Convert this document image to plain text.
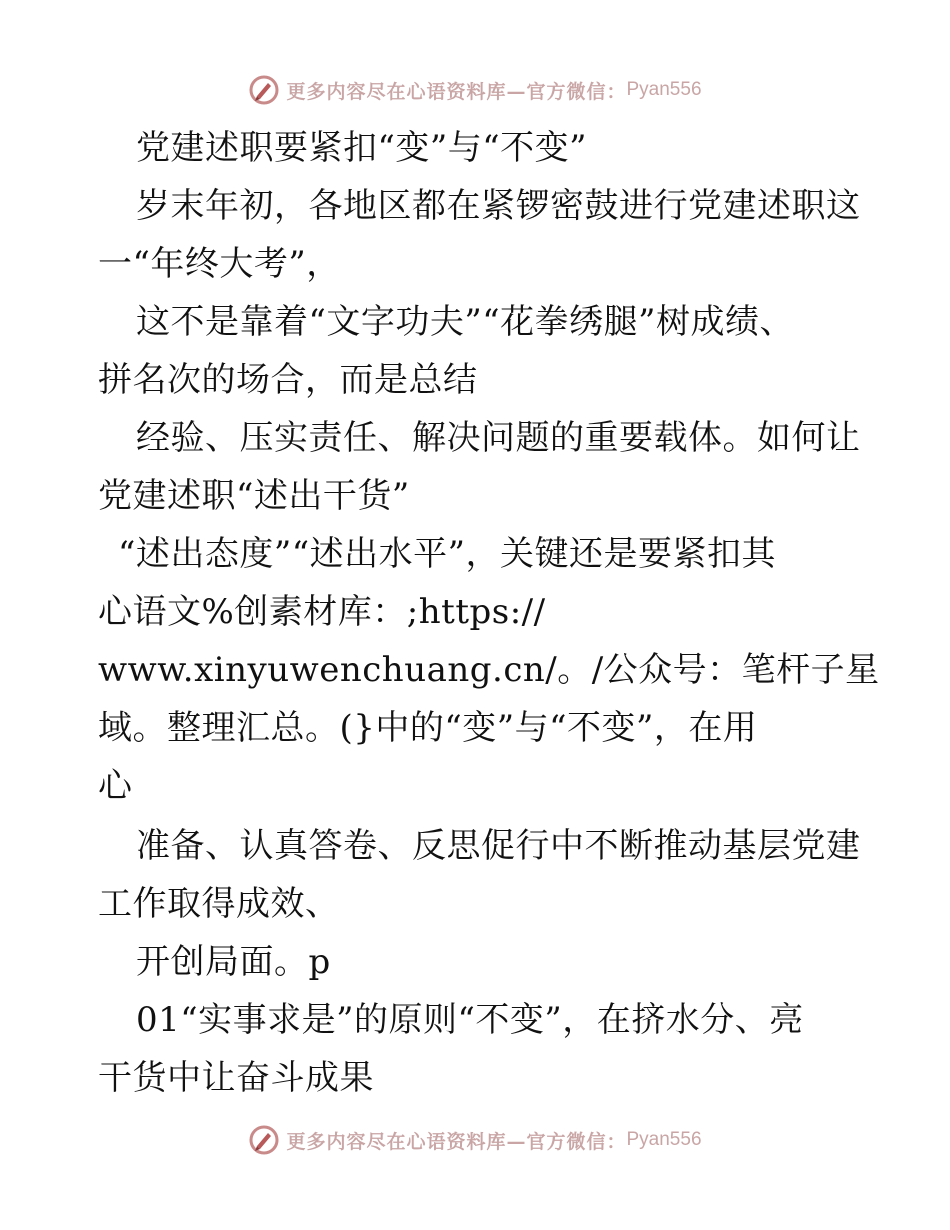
更多内容尽在心语资料库— 官方微信： Pyan556
党建述职要紧扣“变”与“不变”
岁末年初，各地区都在紧锣密鼓进行党建述职这
一“年终大考”，
这不是靠着“文字功夫”“花拳绣腿”树成绩、
拼名次的场合，而是总结
经验、压实责任、解决问题的重要载体。如何让
党建述职“述出干货”
“述出态度”“述出水平”，关键还是要紧扣其
心语文%创素材库：;https://
www.xinyuwenchuang.cn/。/公众号：笔杆子星
域。整理汇总。(}中的“变”与“不变”，在用
心
准备、认真答卷、反思促行中不断推动基层党建
工作取得成效、
开创局面。p
01“实事求是”的原则“不变”，在挤水分、亮
干货中让奋斗成果
更多内容尽在心语资料库— 官方微信： Pyan556
